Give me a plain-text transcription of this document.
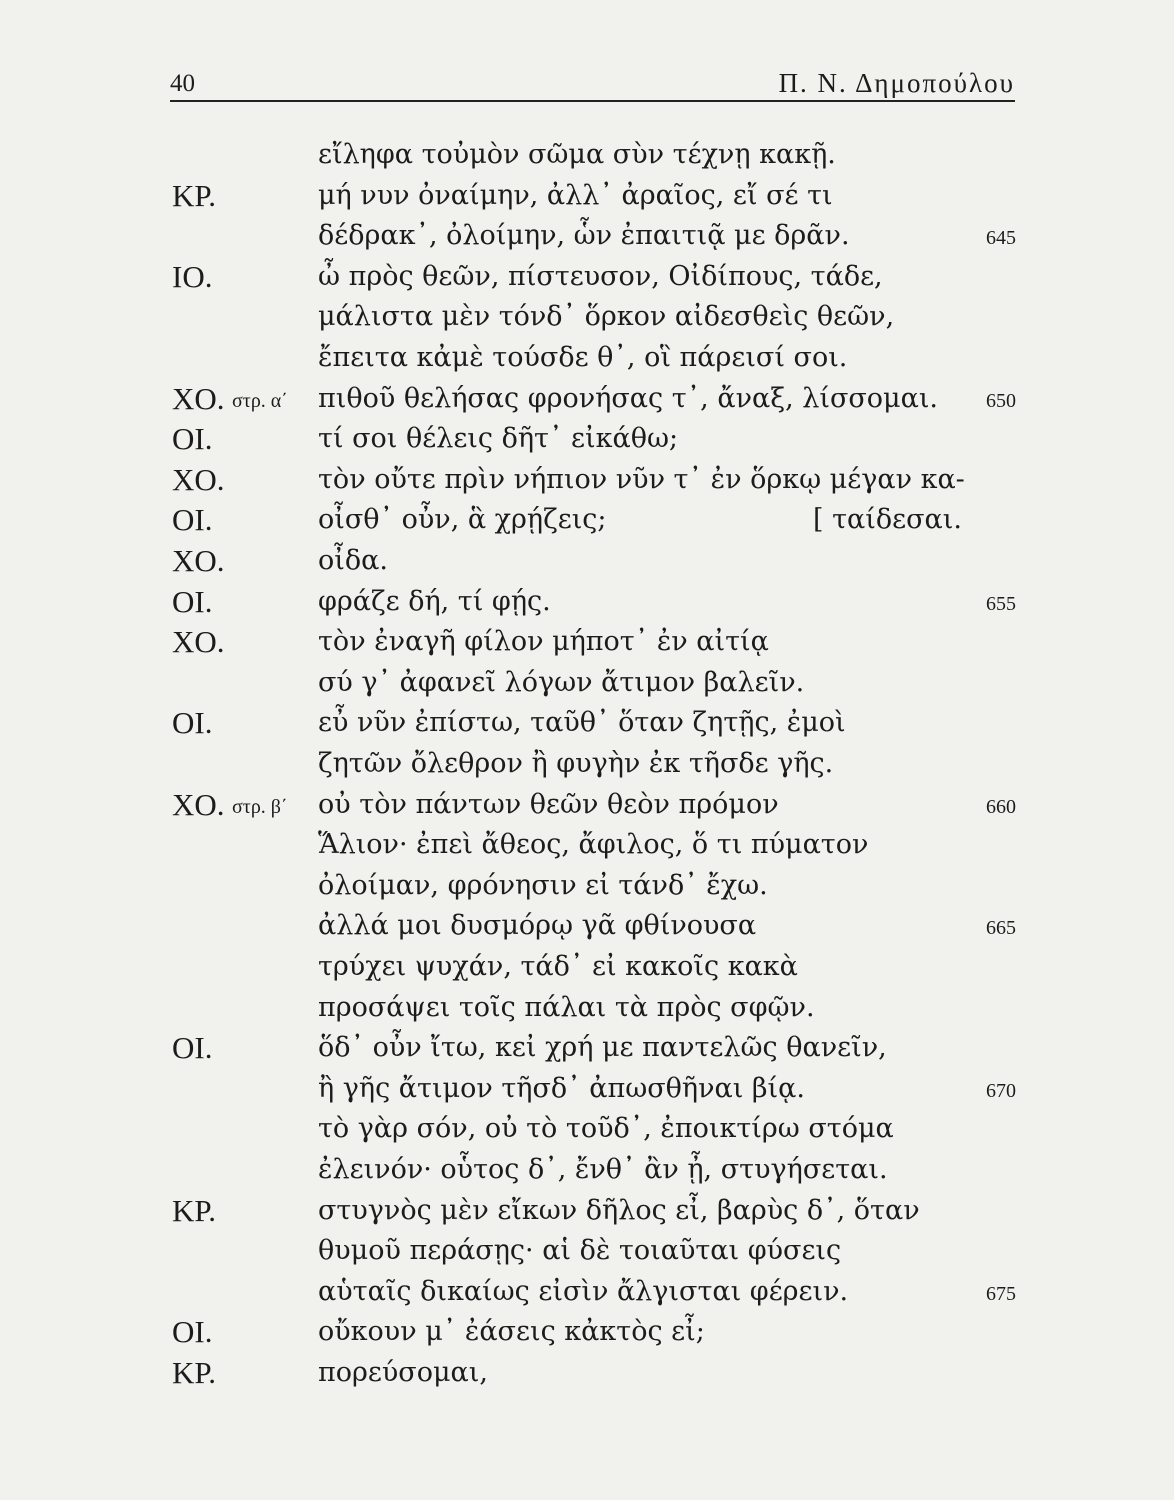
40	Π. Ν. Δημοπούλου
εἴληφα τοὐμὸν σῶμα σὺν τέχνῃ κακῇ.
ΚΡ.	μή νυν ὀναίμην, ἀλλ᾽ ἀραῖος, εἴ σέ τι
δέδρακ᾽, ὀλοίμην, ὧν ἐπαιτιᾷ με δρᾶν.	645
ΙΟ.	ὦ πρὸς θεῶν, πίστευσον, Οἰδίπους, τάδε,
μάλιστα μὲν τόνδ᾽ ὅρκον αἰδεσθεὶς θεῶν,
ἔπειτα κἀμὲ τούσδε θ᾽, οἳ πάρεισί σοι.
ΧΟ. στρ. α΄ πιθοῦ θελήσας φρονήσας τ᾽, ἄναξ, λίσσομαι.	650
ΟΙ.	τί σοι θέλεις δῆτ᾽ εἰκάθω;
ΧΟ.	τὸν οὔτε πρὶν νήπιον νῦν τ᾽ ἐν ὅρκῳ μέγαν κα-
ΟΙ.	οἶσθ᾽ οὖν, ἃ χρῄζεις;	[ ταίδεσαι.
ΧΟ.	οἶδα.
ΟΙ.	φράζε δή, τί φῄς.	655
ΧΟ.	τὸν ἐναγῆ φίλον μήποτ᾽ ἐν αἰτίᾳ
σύ γ᾽ ἀφανεῖ λόγων ἄτιμον βαλεῖν.
ΟΙ.	εὖ νῦν ἐπίστω, ταῦθ᾽ ὅταν ζητῇς, ἐμοὶ
ζητῶν ὄλεθρον ἢ φυγὴν ἐκ τῆσδε γῆς.
ΧΟ. στρ. β΄ οὐ τὸν πάντων θεῶν θεὸν πρόμον	660
Ἅλιον· ἐπεὶ ἄθεος, ἄφιλος, ὅ τι πύματον
ὀλοίμαν, φρόνησιν εἰ τάνδ᾽ ἔχω.
ἀλλά μοι δυσμόρῳ γᾶ φθίνουσα	665
τρύχει ψυχάν, τάδ᾽ εἰ κακοῖς κακὰ
προσάψει τοῖς πάλαι τὰ πρὸς σφῷν.
ΟΙ.	ὅδ᾽ οὖν ἴτω, κεἰ χρή με παντελῶς θανεῖν,
ἢ γῆς ἄτιμον τῆσδ᾽ ἀπωσθῆναι βίᾳ.	670
τὸ γὰρ σόν, οὐ τὸ τοῦδ᾽, ἐποικτίρω στόμα
ἐλεινόν· οὗτος δ᾽, ἔνθ᾽ ἂν ᾖ, στυγήσεται.
ΚΡ.	στυγνὸς μὲν εἴκων δῆλος εἶ, βαρὺς δ᾽, ὅταν
θυμοῦ περάσῃς· αἱ δὲ τοιαῦται φύσεις
αὑταῖς δικαίως εἰσὶν ἄλγισται φέρειν.	675
ΟΙ.	οὔκουν μ᾽ ἐάσεις κἀκτὸς εἶ;
ΚΡ.	πορεύσομαι,
